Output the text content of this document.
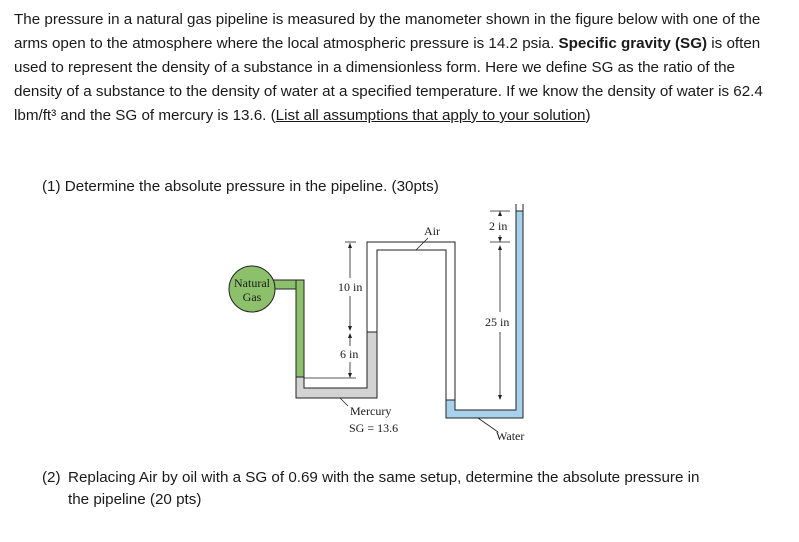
The pressure in a natural gas pipeline is measured by the manometer shown in the figure below with one of the arms open to the atmosphere where the local atmospheric pressure is 14.2 psia. Specific gravity (SG) is often used to represent the density of a substance in a dimensionless form. Here we define SG as the ratio of the density of a substance to the density of water at a specified temperature. If we know the density of water is 62.4 lbm/ft³ and the SG of mercury is 13.6. (List all assumptions that apply to your solution)
(1) Determine the absolute pressure in the pipeline. (30pts)
Natural
Gas
Air
10 in
6 in
2 in
25 in
Mercury
SG = 13.6
Water
(2) Replacing Air by oil with a SG of 0.69 with the same setup, determine the absolute pressure in
the pipeline (20 pts)
